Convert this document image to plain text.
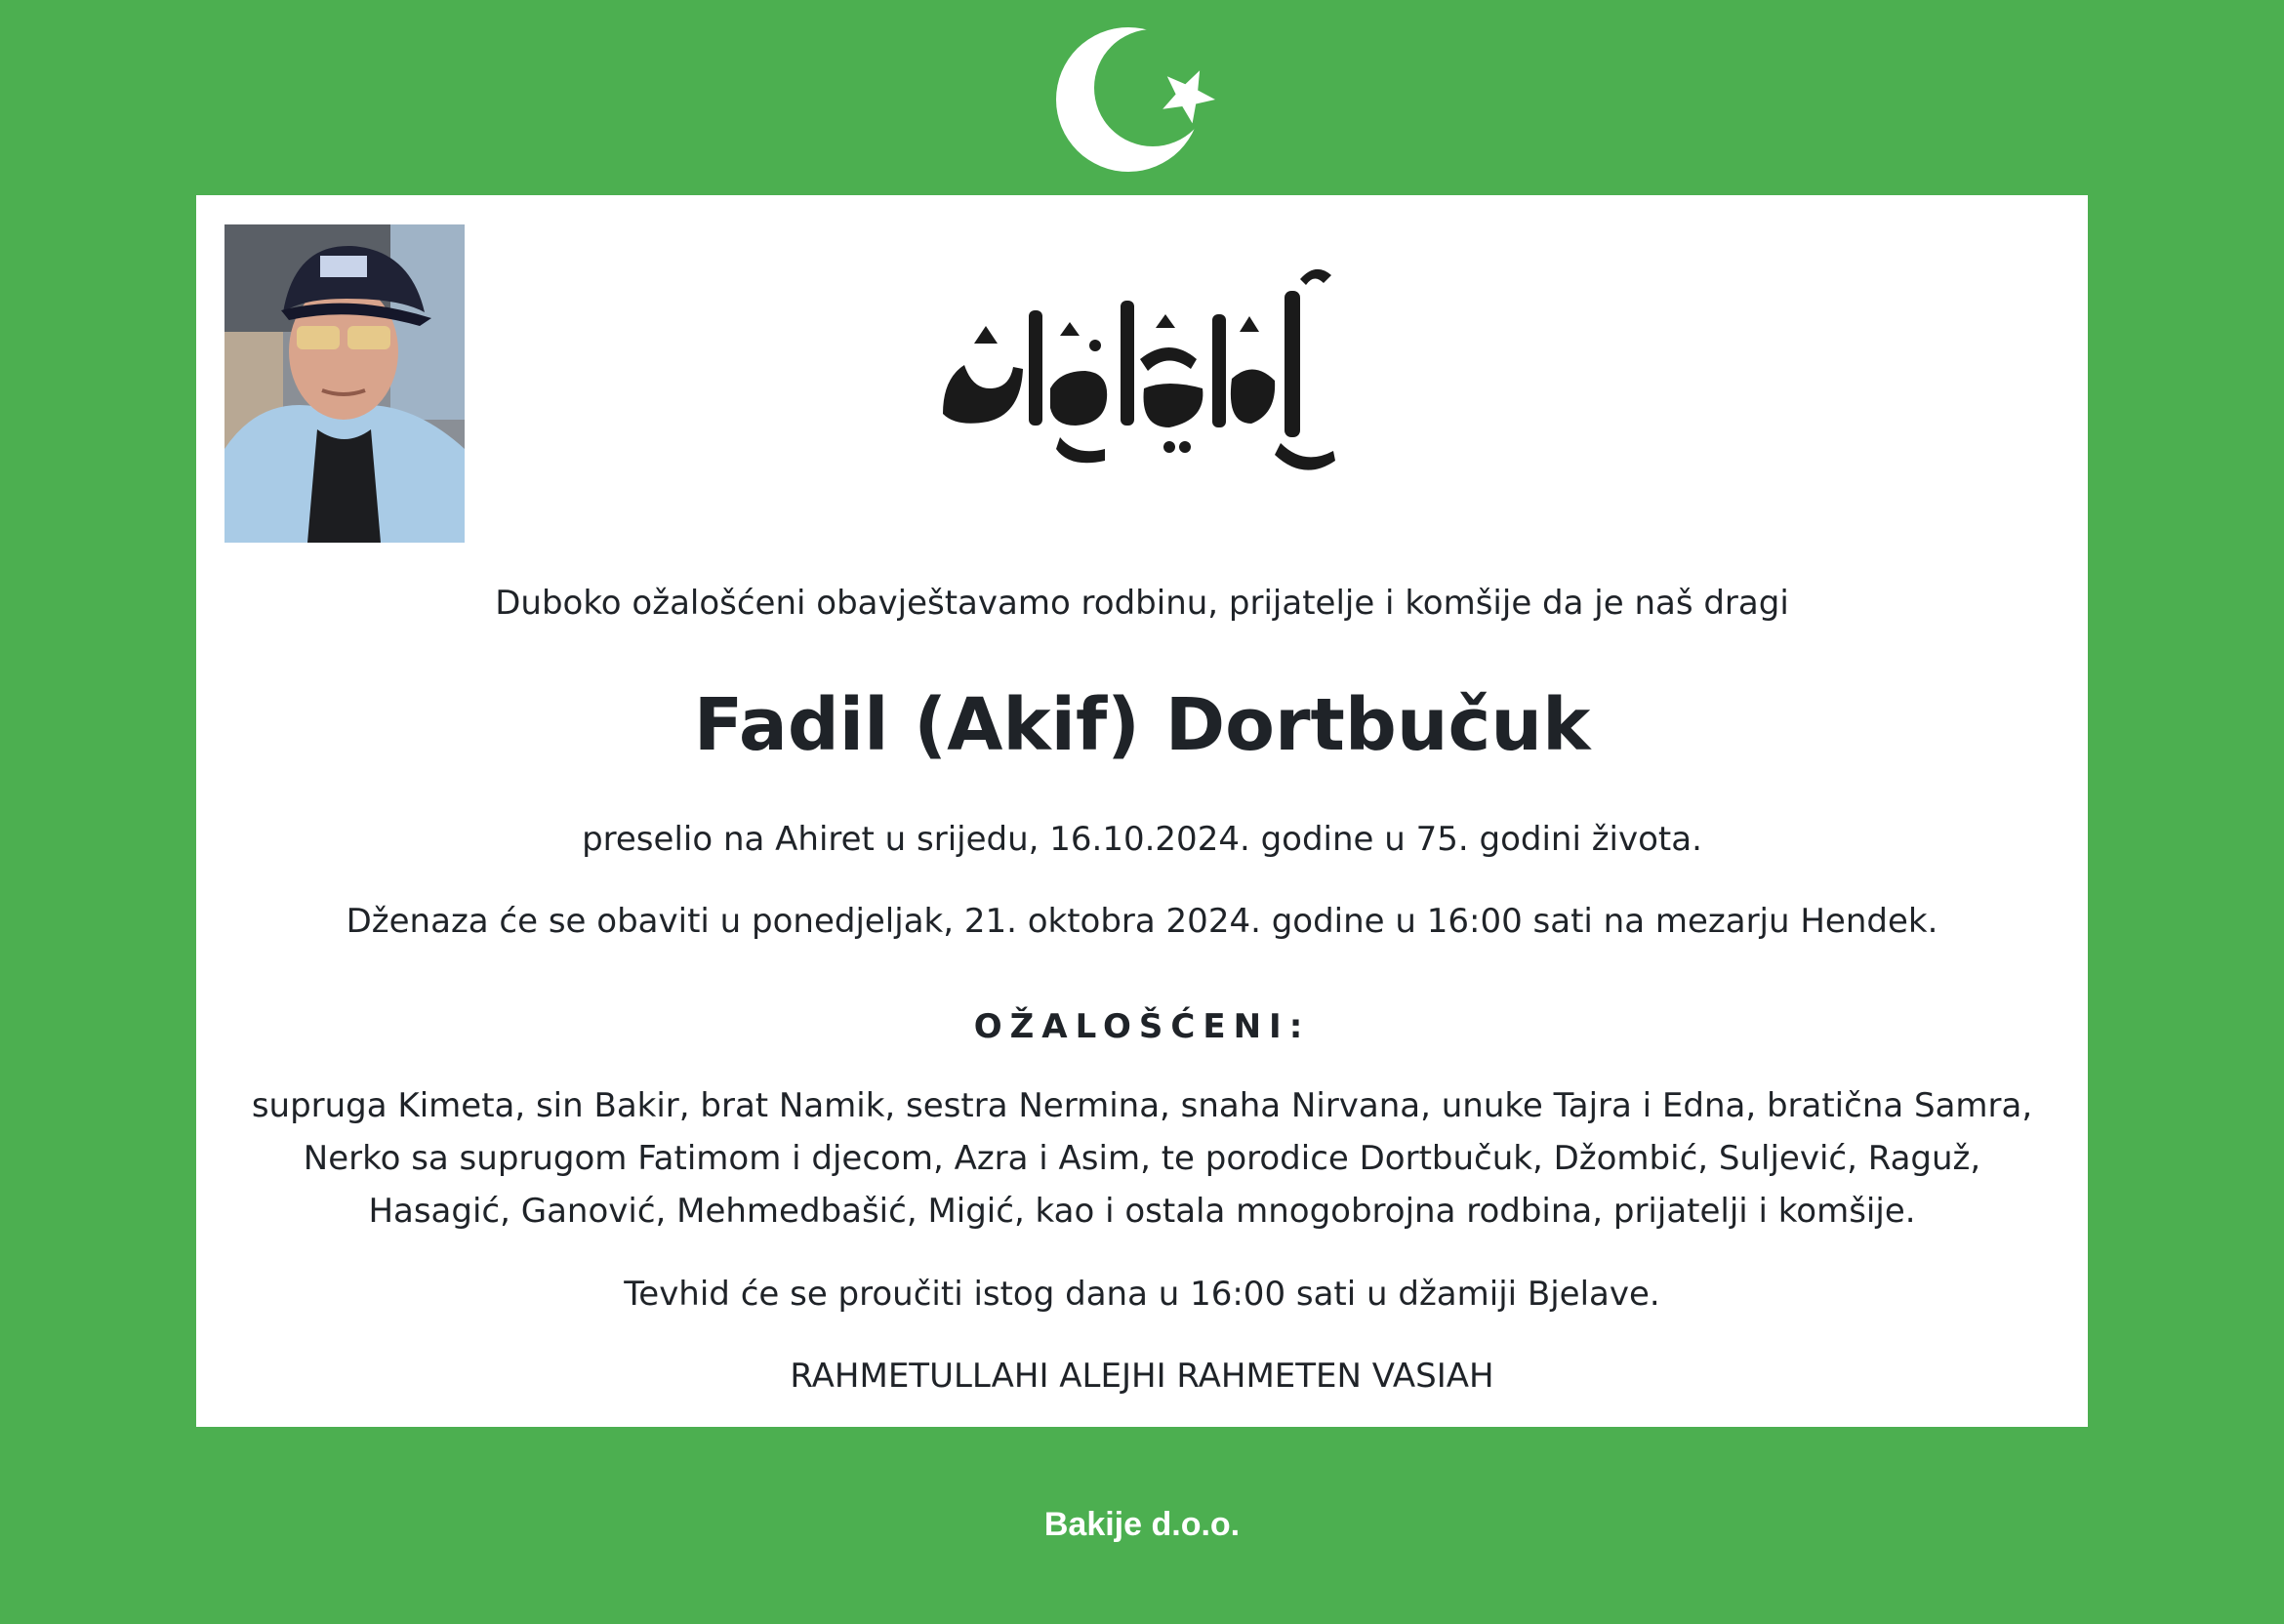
Duboko ožalošćeni obavještavamo rodbinu, prijatelje i komšije da je naš dragi
Fadil (Akif) Dortbučuk
preselio na Ahiret u srijedu, 16.10.2024. godine u 75. godini života.
Dženaza će se obaviti u ponedjeljak, 21. oktobra 2024. godine u 16:00 sati na mezarju Hendek.
OŽALOŠĆENI:
supruga Kimeta, sin Bakir, brat Namik, sestra Nermina, snaha Nirvana, unuke Tajra i Edna, bratična Samra, Nerko sa suprugom Fatimom i djecom, Azra i Asim, te porodice Dortbučuk, Džombić, Suljević, Raguž, Hasagić, Ganović, Mehmedbašić, Migić, kao i ostala mnogobrojna rodbina, prijatelji i komšije.
Tevhid će se proučiti istog dana u 16:00 sati u džamiji Bjelave.
RAHMETULLAHI ALEJHI RAHMETEN VASIAH
Bakije d.o.o.
